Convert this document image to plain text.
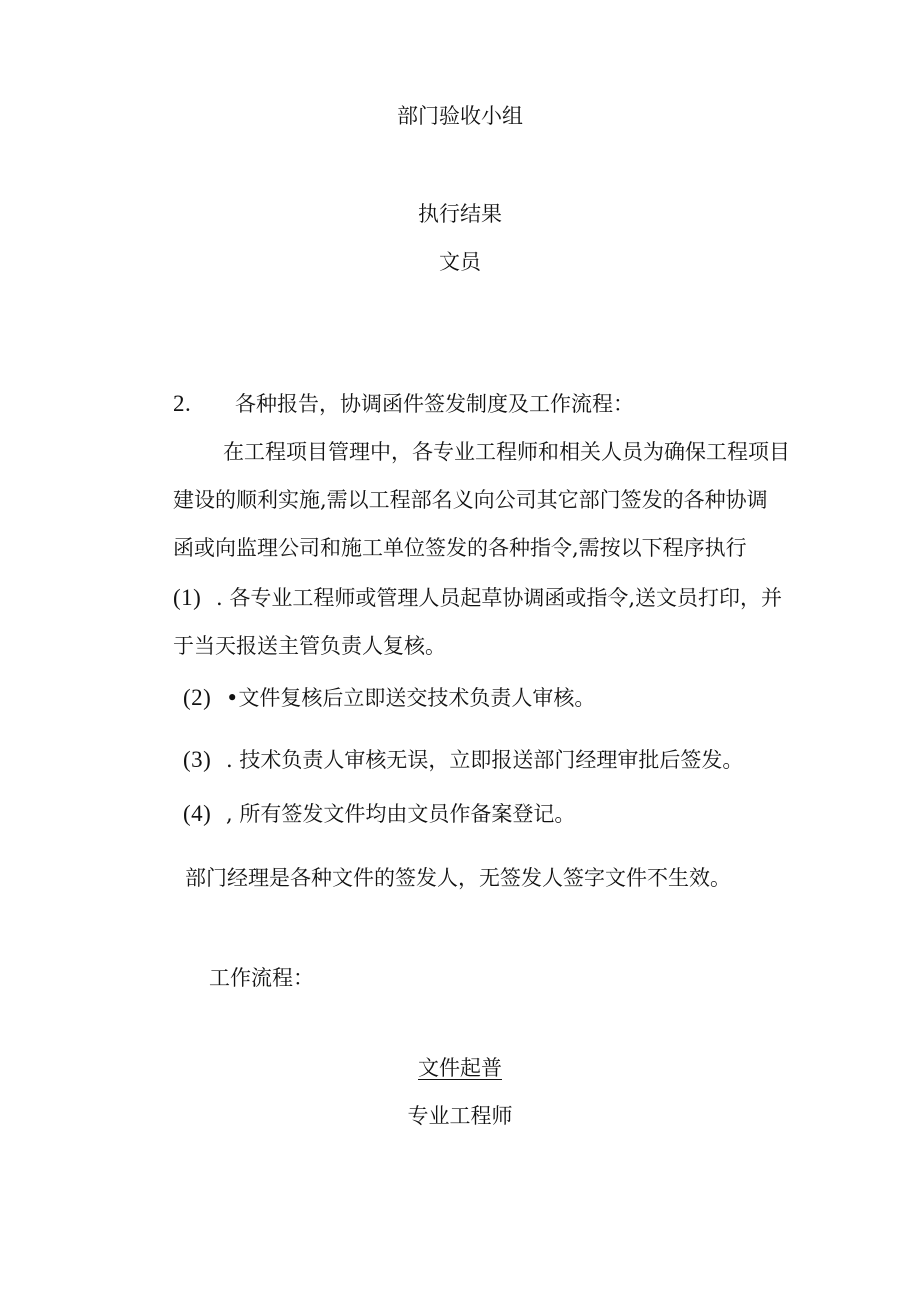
部门验收小组
执行结果
文员
2. 各种报告，协调函件签发制度及工作流程：
在工程项目管理中，各专业工程师和相关人员为确保工程项目
建设的顺利实施,需以工程部名义向公司其它部门签发的各种协调
函或向监理公司和施工单位签发的各种指令,需按以下程序执行
(1) . 各专业工程师或管理人员起草协调函或指令,送文员打印，并
于当天报送主管负责人复核。
(2) •文件复核后立即送交技术负责人审核。
(3) . 技术负责人审核无误，立即报送部门经理审批后签发。
(4) , 所有签发文件均由文员作备案登记。
部门经理是各种文件的签发人，无签发人签字文件不生效。
工作流程：
文件起普
专业工程师
